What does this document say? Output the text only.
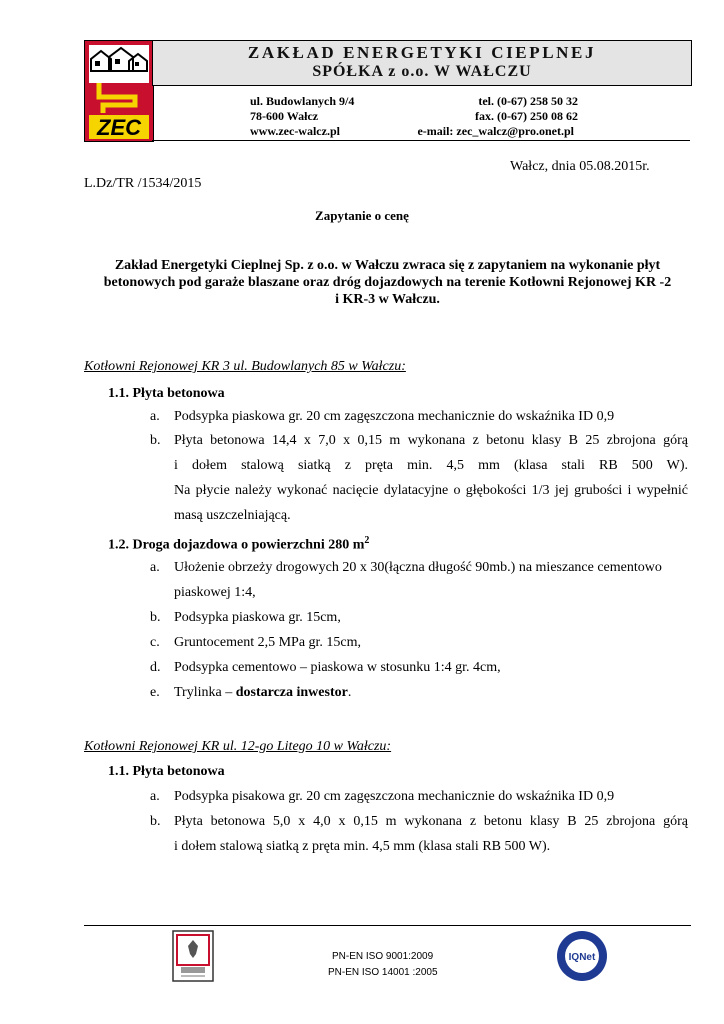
ZEC
ZAKŁAD ENERGETYKI CIEPLNEJ
SPÓŁKA z o.o. W WAŁCZU
ul. Budowlanych 9/4
78-600 Wałcz
www.zec-walcz.pl
tel. (0-67) 258 50 32
fax. (0-67) 250 08 62
e-mail: zec_walcz@pro.onet.pl
Wałcz, dnia 05.08.2015r.
L.Dz/TR /1534/2015
Zapytanie o cenę
Zakład Energetyki Cieplnej Sp. z o.o. w Wałczu zwraca się z zapytaniem na wykonanie płyt
betonowych pod garaże blaszane oraz dróg dojazdowych na terenie Kotłowni Rejonowej KR -2
i KR-3 w Wałczu.
Kotłowni Rejonowej KR 3 ul. Budowlanych 85 w Wałczu:
1.1. Płyta betonowa
a. Podsypka piaskowa gr. 20 cm zagęszczona mechanicznie do wskaźnika ID 0,9
b. Płyta betonowa 14,4 x 7,0 x 0,15 m wykonana z betonu klasy B 25 zbrojona górą
i dołem stalową siatką z pręta min. 4,5 mm (klasa stali RB 500 W).
Na płycie należy wykonać nacięcie dylatacyjne o głębokości 1/3 jej grubości i wypełnić
masą uszczelniającą.
1.2. Droga dojazdowa o powierzchni 280 $m^2$
a. Ułożenie obrzeży drogowych 20 x 30(łączna długość 90mb.) na mieszance cementowo
piaskowej 1:4,
b. Podsypka piaskowa gr. 15cm,
c. Gruntocement 2,5 MPa gr. 15cm,
d. Podsypka cementowo – piaskowa w stosunku 1:4 gr. 4cm,
e. Trylinka – dostarcza inwestor.
Kotłowni Rejonowej KR ul. 12-go Litego 10 w Wałczu:
1.1. Płyta betonowa
a. Podsypka pisakowa gr. 20 cm zagęszczona mechanicznie do wskaźnika ID 0,9
b. Płyta betonowa 5,0 x 4,0 x 0,15 m wykonana z betonu klasy B 25 zbrojona górą
i dołem stalową siatką z pręta min. 4,5 mm (klasa stali RB 500 W).
PN-EN ISO 9001:2009
PN-EN ISO 14001 :2005
IQNet
